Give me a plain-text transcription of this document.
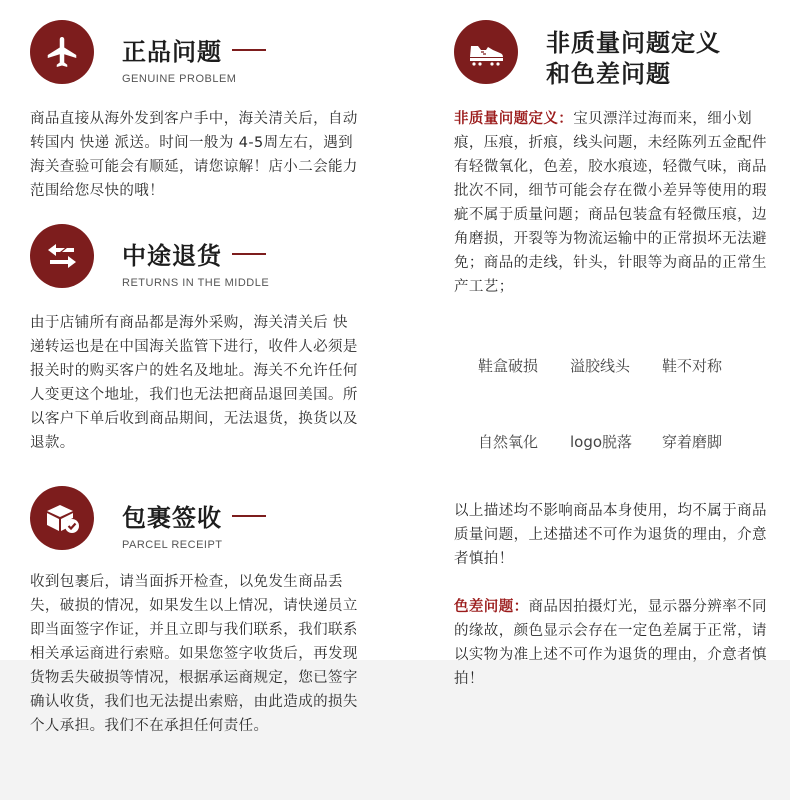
正品问题
GENUINE PROBLEM
商品直接从海外发到客户手中，海关清关后，自动转国内 快递 派送。时间一般为 4-5周左右，遇到海关查验可能会有顺延，请您谅解！店小二会能力范围给您尽快的哦！
中途退货
RETURNS IN THE MIDDLE
由于店铺所有商品都是海外采购，海关清关后 快递转运也是在中国海关监管下进行，收件人必须是报关时的购买客户的姓名及地址。海关不允许任何人变更这个地址，我们也无法把商品退回美国。所以客户下单后收到商品期间，无法退货，换货以及退款。
包裹签收
PARCEL RECEIPT
收到包裹后，请当面拆开检查，以免发生商品丢失，破损的情况，如果发生以上情况，请快递员立即当面签字作证，并且立即与我们联系，我们联系相关承运商进行索赔。如果您签字收货后，再发现货物丢失破损等情况，根据承运商规定，您已签字确认收货，我们也无法提出索赔，由此造成的损失个人承担。我们不在承担任何责任。
非质量问题定义
和色差问题
非质量问题定义：宝贝漂洋过海而来，细小划痕，压痕，折痕，线头问题，未经陈列五金配件有轻微氧化，色差，胶水痕迹，轻微气味，商品批次不同，细节可能会存在微小差异等使用的瑕疵不属于质量问题；商品包装盒有轻微压痕，边角磨损，开裂等为物流运输中的正常损坏无法避免；商品的走线，针头，针眼等为商品的正常生产工艺；
鞋盒破损 溢胶线头 鞋不对称
自然氧化 logo脱落 穿着磨脚
以上描述均不影响商品本身使用，均不属于商品质量问题，上述描述不可作为退货的理由，介意者慎拍！
色差问题：商品因拍摄灯光，显示器分辨率不同的缘故，颜色显示会存在一定色差属于正常，请以实物为准上述不可作为退货的理由，介意者慎拍！
